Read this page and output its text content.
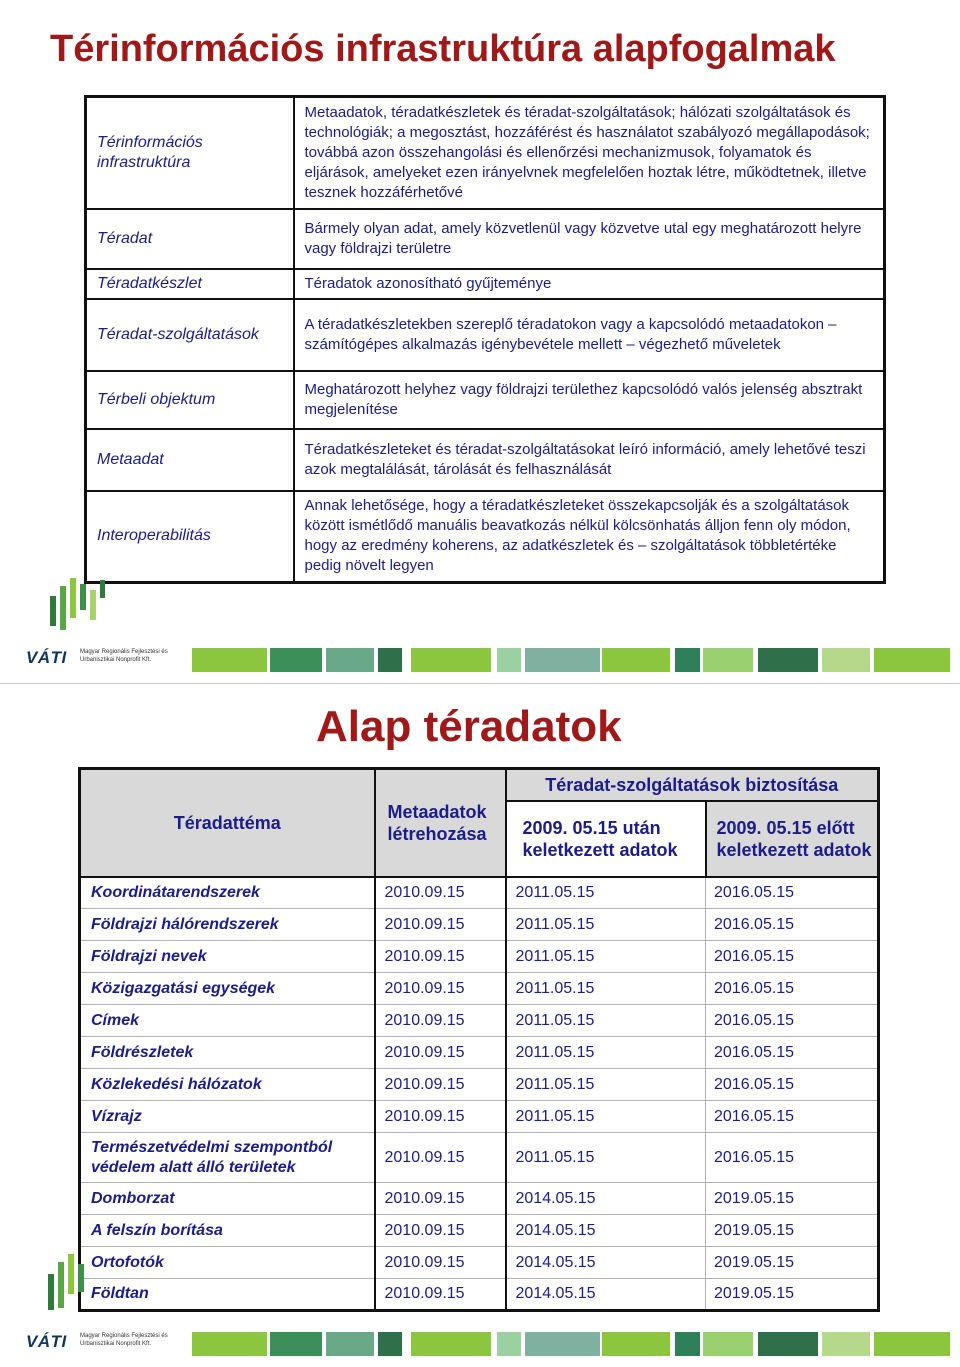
Térinformációs infrastruktúra alapfogalmak
Térinformációs infrastruktúra	Metaadatok, téradatkészletek és téradat-szolgáltatások; hálózati szolgáltatások és technológiák; a megosztást, hozzáférést és használatot szabályozó megállapodások; továbbá azon összehangolási és ellenőrzési mechanizmusok, folyamatok és eljárások, amelyeket ezen irányelvnek megfelelően hoztak létre, működtetnek, illetve tesznek hozzáférhetővé
Téradat	Bármely olyan adat, amely közvetlenül vagy közvetve utal egy meghatározott helyre vagy földrajzi területre
Téradatkészlet	Téradatok azonosítható gyűjteménye
Téradat-szolgáltatások	A téradatkészletekben szereplő téradatokon vagy a kapcsolódó metaadatokon – számítógépes alkalmazás igénybevétele mellett – végezhető műveletek
Térbeli objektum	Meghatározott helyhez vagy földrajzi területhez kapcsolódó valós jelenség absztrakt megjelenítése
Metaadat	Téradatkészleteket és téradat-szolgáltatásokat leíró információ, amely lehetővé teszi azok megtalálását, tárolását és felhasználását
Interoperabilitás	Annak lehetősége, hogy a téradatkészleteket összekapcsolják és a szolgáltatások között ismétlődő manuális beavatkozás nélkül kölcsönhatás álljon fenn oly módon, hogy az eredmény koherens, az adatkészletek és – szolgáltatások többletértéke pedig növelt legyen
VÁTI Magyar Regionális Fejlesztési és Urbanisztikai Nonprofit Kft.
Alap téradatok
Téradattéma	Metaadatok létrehozása	Téradat-szolgáltatások biztosítása	
		2009. 05.15 után keletkezett adatok	2009. 05.15 előtt keletkezett adatok
Koordinátarendszerek	2010.09.15	2011.05.15	2016.05.15
Földrajzi hálórendszerek	2010.09.15	2011.05.15	2016.05.15
Földrajzi nevek	2010.09.15	2011.05.15	2016.05.15
Közigazgatási egységek	2010.09.15	2011.05.15	2016.05.15
Címek	2010.09.15	2011.05.15	2016.05.15
Földrészletek	2010.09.15	2011.05.15	2016.05.15
Közlekedési hálózatok	2010.09.15	2011.05.15	2016.05.15
Vízrajz	2010.09.15	2011.05.15	2016.05.15
Természetvédelmi szempontból védelem alatt álló területek	2010.09.15	2011.05.15	2016.05.15
Domborzat	2010.09.15	2014.05.15	2019.05.15
A felszín borítása	2010.09.15	2014.05.15	2019.05.15
Ortofotók	2010.09.15	2014.05.15	2019.05.15
Földtan	2010.09.15	2014.05.15	2019.05.15
VÁTI Magyar Regionális Fejlesztési és Urbanisztikai Nonprofit Kft.
